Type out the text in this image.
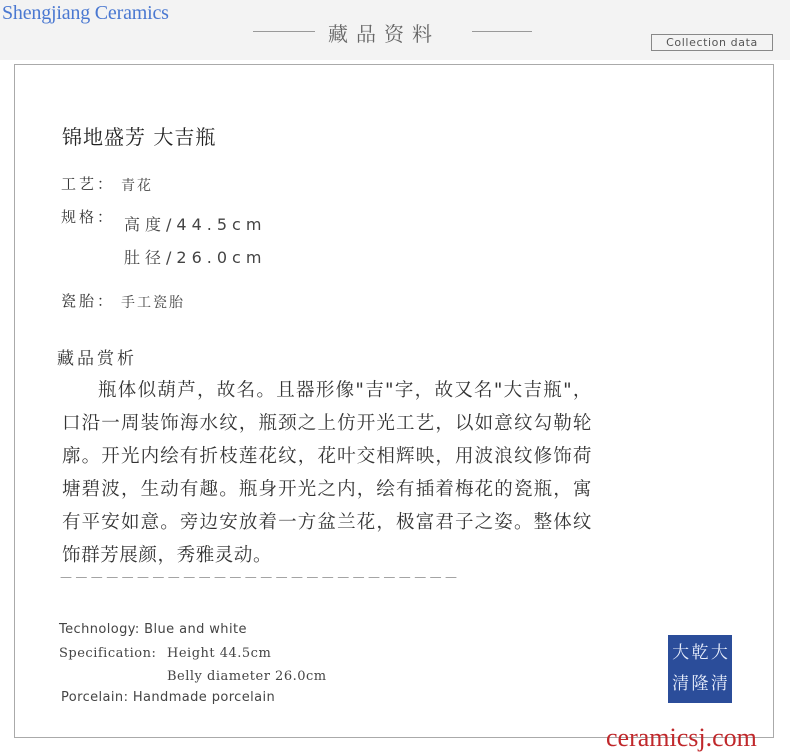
Shengjiang Ceramics
藏品资料	Collection data
锦地盛芳 大吉瓶
工艺： 青花
规格： 高度/44.5cm
肚径/26.0cm
瓷胎： 手工瓷胎
藏品赏析
瓶体似葫芦，故名。且器形像"吉"字，故又名"大吉瓶"，口沿一周装饰海水纹，瓶颈之上仿开光工艺，以如意纹勾勒轮廓。开光内绘有折枝莲花纹，花叶交相辉映，用波浪纹修饰荷塘碧波，生动有趣。瓶身开光之内，绘有插着梅花的瓷瓶，寓有平安如意。旁边安放着一方盆兰花，极富君子之姿。整体纹饰群芳展颜，秀雅灵动。
——————————————————————————
Technology: Blue and white
Specification: Height 44.5cm
Belly diameter 26.0cm
Porcelain: Handmade porcelain
大 乾 大
清 隆 清
ceramicsj.com
